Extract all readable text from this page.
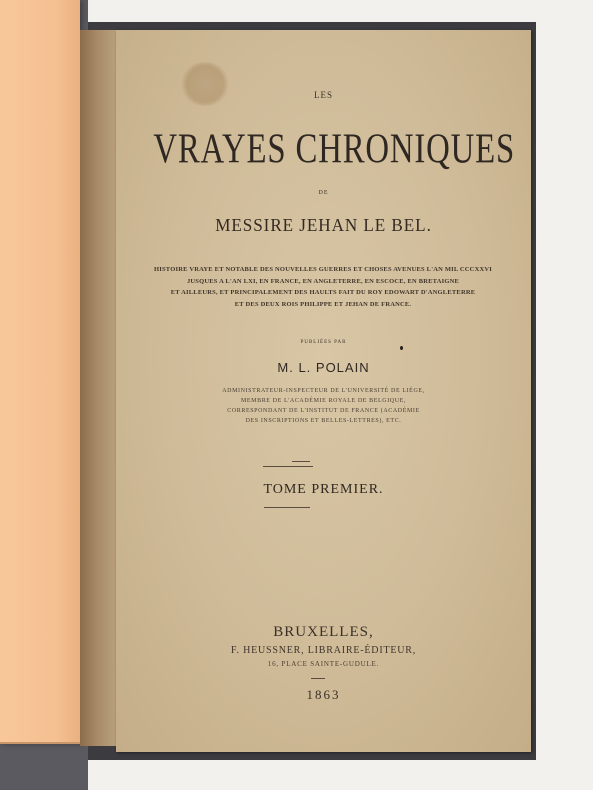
LES
VRAYES CHRONIQUES
DE
MESSIRE JEHAN LE BEL.
HISTOIRE VRAYE ET NOTABLE DES NOUVELLES GUERRES ET CHOSES AVENUES L'AN MIL CCCXXVI
JUSQUES A L'AN LXI, EN FRANCE, EN ANGLETERRE, EN ESCOCE, EN BRETAIGNE
ET AILLEURS, ET PRINCIPALEMENT DES HAULTS FAIT DU ROY EDOWART D'ANGLETERRE
ET DES DEUX ROIS PHILIPPE ET JEHAN DE FRANCE.
PUBLIÉES PAR
M. L. POLAIN
ADMINISTRATEUR-INSPECTEUR DE L'UNIVERSITÉ DE LIÉGE,
MEMBRE DE L'ACADÉMIE ROYALE DE BELGIQUE,
CORRESPONDANT DE L'INSTITUT DE FRANCE (ACADÉMIE
DES INSCRIPTIONS ET BELLES-LETTRES), ETC.
TOME PREMIER.
BRUXELLES,
F. HEUSSNER, LIBRAIRE-ÉDITEUR,
16, PLACE SAINTE-GUDULE.
1863
